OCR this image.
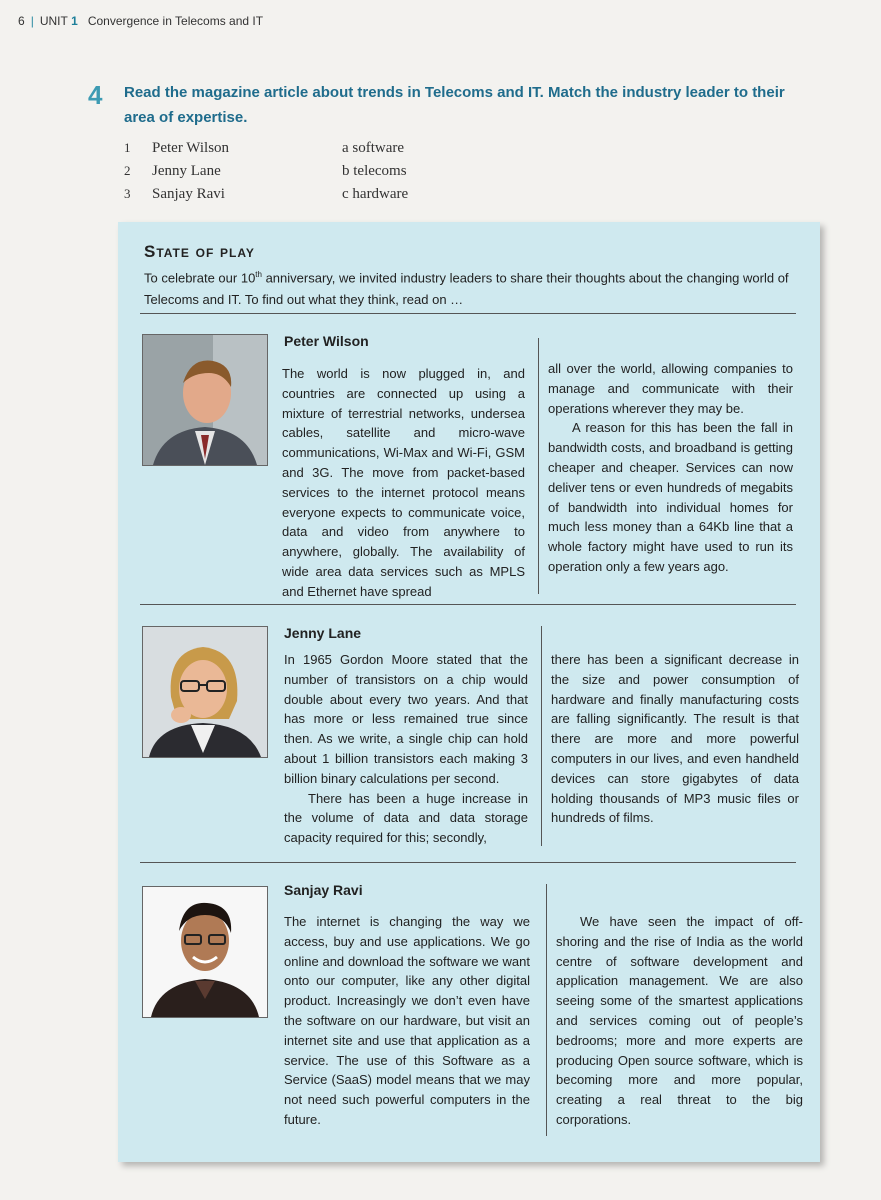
6 | UNIT 1 Convergence in Telecoms and IT
4 Read the magazine article about trends in Telecoms and IT. Match the industry leader to their area of expertise.
1	Peter Wilson	a software
2	Jenny Lane	b telecoms
3	Sanjay Ravi	c hardware
State of play
To celebrate our 10th anniversary, we invited industry leaders to share their thoughts about the changing world of Telecoms and IT. To find out what they think, read on …
Peter Wilson

The world is now plugged in, and countries are connected up using a mixture of terrestrial networks, undersea cables, satellite and micro-wave communications, Wi-Max and Wi-Fi, GSM and 3G. The move from packet-based services to the internet protocol means everyone expects to communicate voice, data and video from anywhere to anywhere, globally. The availability of wide area data services such as MPLS and Ethernet have spread

all over the world, allowing companies to manage and communicate with their operations wherever they may be.

A reason for this has been the fall in bandwidth costs, and broadband is getting cheaper and cheaper. Services can now deliver tens or even hundreds of megabits of bandwidth into individual homes for much less money than a 64Kb line that a whole factory might have used to run its operation only a few years ago.

Jenny Lane

In 1965 Gordon Moore stated that the number of transistors on a chip would double about every two years. And that has more or less remained true since then. As we write, a single chip can hold about 1 billion transistors each making 3 billion binary calculations per second.

There has been a huge increase in the volume of data and data storage capacity required for this; secondly,

there has been a significant decrease in the size and power consumption of hardware and finally manufacturing costs are falling significantly. The result is that there are more and more powerful computers in our lives, and even handheld devices can store gigabytes of data holding thousands of MP3 music files or hundreds of films.

Sanjay Ravi

The internet is changing the way we access, buy and use applications. We go online and download the software we want onto our computer, like any other digital product. Increasingly we don’t even have the software on our hardware, but visit an internet site and use that application as a service. The use of this Software as a Service (SaaS) model means that we may not need such powerful computers in the future.

We have seen the impact of off-shoring and the rise of India as the world centre of software development and application management. We are also seeing some of the smartest applications and services coming out of people’s bedrooms; more and more experts are producing Open source software, which is becoming more and more popular, creating a real threat to the big corporations.
